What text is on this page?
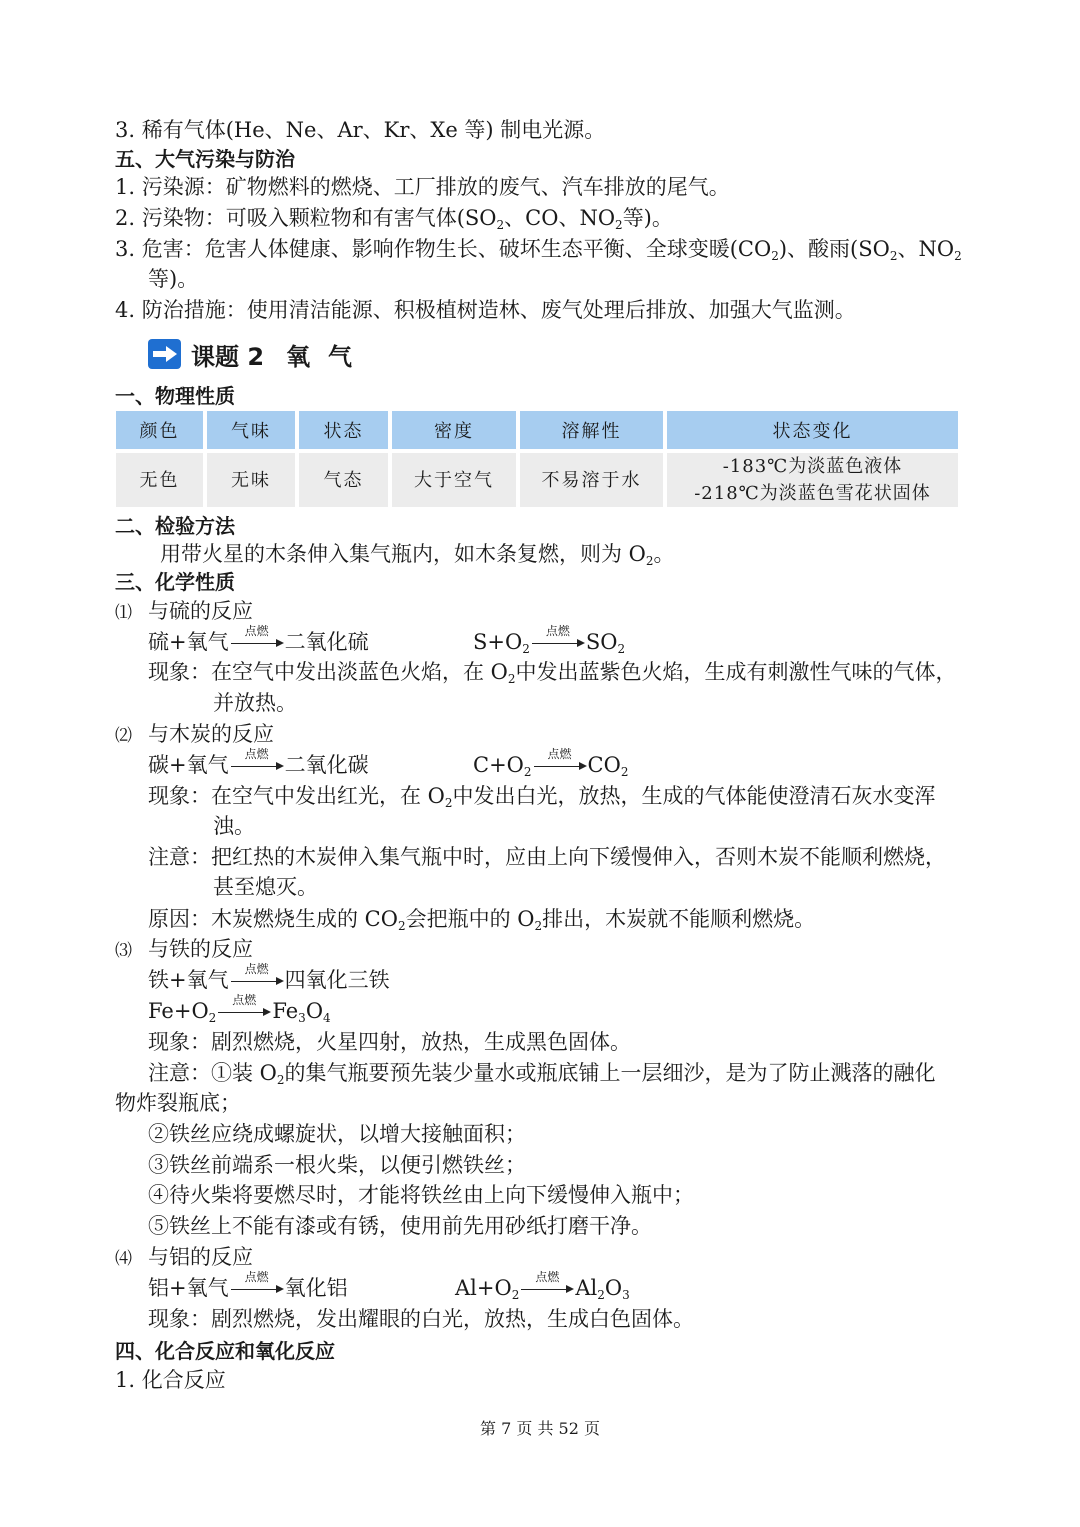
3. 稀有气体(He、Ne、Ar、Kr、Xe 等) 制电光源。
五、大气污染与防治
1. 污染源：矿物燃料的燃烧、工厂排放的废气、汽车排放的尾气。
2. 污染物：可吸入颗粒物和有害气体($SO_2$、CO、$NO_2$等)。
3. 危害：危害人体健康、影响作物生长、破坏生态平衡、全球变暖$(CO_2)$、酸雨($SO_2$、$NO_2$
等)。
4. 防治措施：使用清洁能源、积极植树造林、废气处理后排放、加强大气监测。
课题 2 氧气
一、物理性质
颜色	气味	状态	密度	溶解性	状态变化
无色	无味	气态	大于空气	不易溶于水	-183℃为淡蓝色液体
-218℃为淡蓝色雪花状固体
二、检验方法
用带火星的木条伸入集气瓶内，如木条复燃，则为 $O_2$。
三、化学性质
⑴ 与硫的反应
硫+氧气	点燃 二氧化硫	$S+O_2$
点燃 $SO_2$
现象：在空气中发出淡蓝色火焰，在 $O_2$中发出蓝紫色火焰，生成有刺激性气味的气体，
并放热。
⑵ 与木炭的反应
碳+氧气	点燃 二氧化碳	$C+O_2$
点燃 $CO_2$
现象：在空气中发出红光，在 $O_2$中发出白光，放热，生成的气体能使澄清石灰水变浑
浊。
注意：把红热的木炭伸入集气瓶中时，应由上向下缓慢伸入，否则木炭不能顺利燃烧，
甚至熄灭。
原因：木炭燃烧生成的 $CO_2$会把瓶中的 $O_2$排出，木炭就不能顺利燃烧。
⑶ 与铁的反应
铁+氧气	点燃 四氧化三铁
$Fe+O_2$
点燃 $Fe_3O_4$
现象：剧烈燃烧，火星四射，放热，生成黑色固体。
注意：①装 $O_2$的集气瓶要预先装少量水或瓶底铺上一层细沙，是为了防止溅落的融化
物炸裂瓶底；
②铁丝应绕成螺旋状，以增大接触面积；
③铁丝前端系一根火柴，以便引燃铁丝；
④待火柴将要燃尽时，才能将铁丝由上向下缓慢伸入瓶中；
⑤铁丝上不能有漆或有锈，使用前先用砂纸打磨干净。
⑷ 与铝的反应
铝+氧气	点燃 氧化铝	$Al+O_2$
点燃 $Al_2O_3$
现象：剧烈燃烧，发出耀眼的白光，放热，生成白色固体。
四、化合反应和氧化反应
1. 化合反应
第 7 页 共 52 页
